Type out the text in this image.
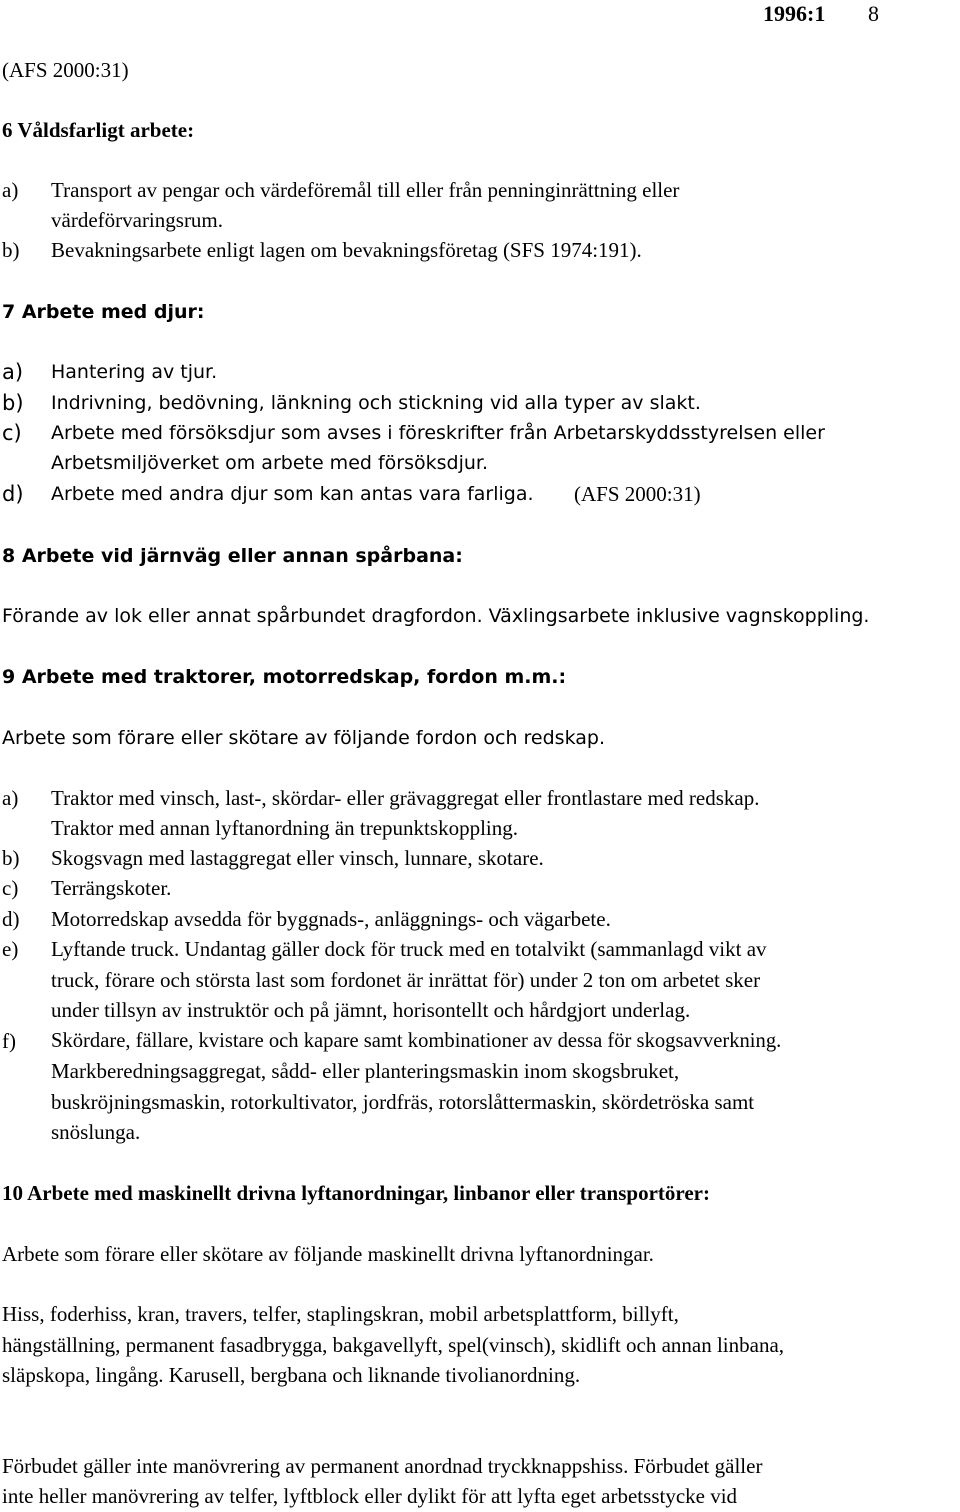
1996:1 8
(AFS 2000:31)
6 Våldsfarligt arbete:
a) Transport av pengar och värdeföremål till eller från penninginrättning eller
värdeförvaringsrum.
b) Bevakningsarbete enligt lagen om bevakningsföretag (SFS 1974:191).
7 Arbete med djur:
a) Hantering av tjur.
b) Indrivning, bedövning, länkning och stickning vid alla typer av slakt.
c) Arbete med försöksdjur som avses i föreskrifter från Arbetarskyddsstyrelsen eller
Arbetsmiljöverket om arbete med försöksdjur.
d) Arbete med andra djur som kan antas vara farliga. (AFS 2000:31)
8 Arbete vid järnväg eller annan spårbana:
Förande av lok eller annat spårbundet dragfordon. Växlingsarbete inklusive vagnskoppling.
9 Arbete med traktorer, motorredskap, fordon m.m.:
Arbete som förare eller skötare av följande fordon och redskap.
a) Traktor med vinsch, last-, skördar- eller grävaggregat eller frontlastare med redskap.
Traktor med annan lyftanordning än trepunktskoppling.
b) Skogsvagn med lastaggregat eller vinsch, lunnare, skotare.
c) Terrängskoter.
d) Motorredskap avsedda för byggnads-, anläggnings- och vägarbete.
e) Lyftande truck. Undantag gäller dock för truck med en totalvikt (sammanlagd vikt av
truck, förare och största last som fordonet är inrättat för) under 2 ton om arbetet sker
under tillsyn av instruktör och på jämnt, horisontellt och hårdgjort underlag.
f) Skördare, fällare, kvistare och kapare samt kombinationer av dessa för skogsavverkning.
Markberedningsaggregat, sådd- eller planteringsmaskin inom skogsbruket,
buskröjningsmaskin, rotorkultivator, jordfräs, rotorslåttermaskin, skördetröska samt
snöslunga.
10 Arbete med maskinellt drivna lyftanordningar, linbanor eller transportörer:
Arbete som förare eller skötare av följande maskinellt drivna lyftanordningar.
Hiss, foderhiss, kran, travers, telfer, staplingskran, mobil arbetsplattform, billyft,
hängställning, permanent fasadbrygga, bakgavellyft, spel(vinsch), skidlift och annan linbana,
släpskopa, lingång. Karusell, bergbana och liknande tivolianordning.
Förbudet gäller inte manövrering av permanent anordnad tryckknappshiss. Förbudet gäller
inte heller manövrering av telfer, lyftblock eller dylikt för att lyfta eget arbetsstycke vid
